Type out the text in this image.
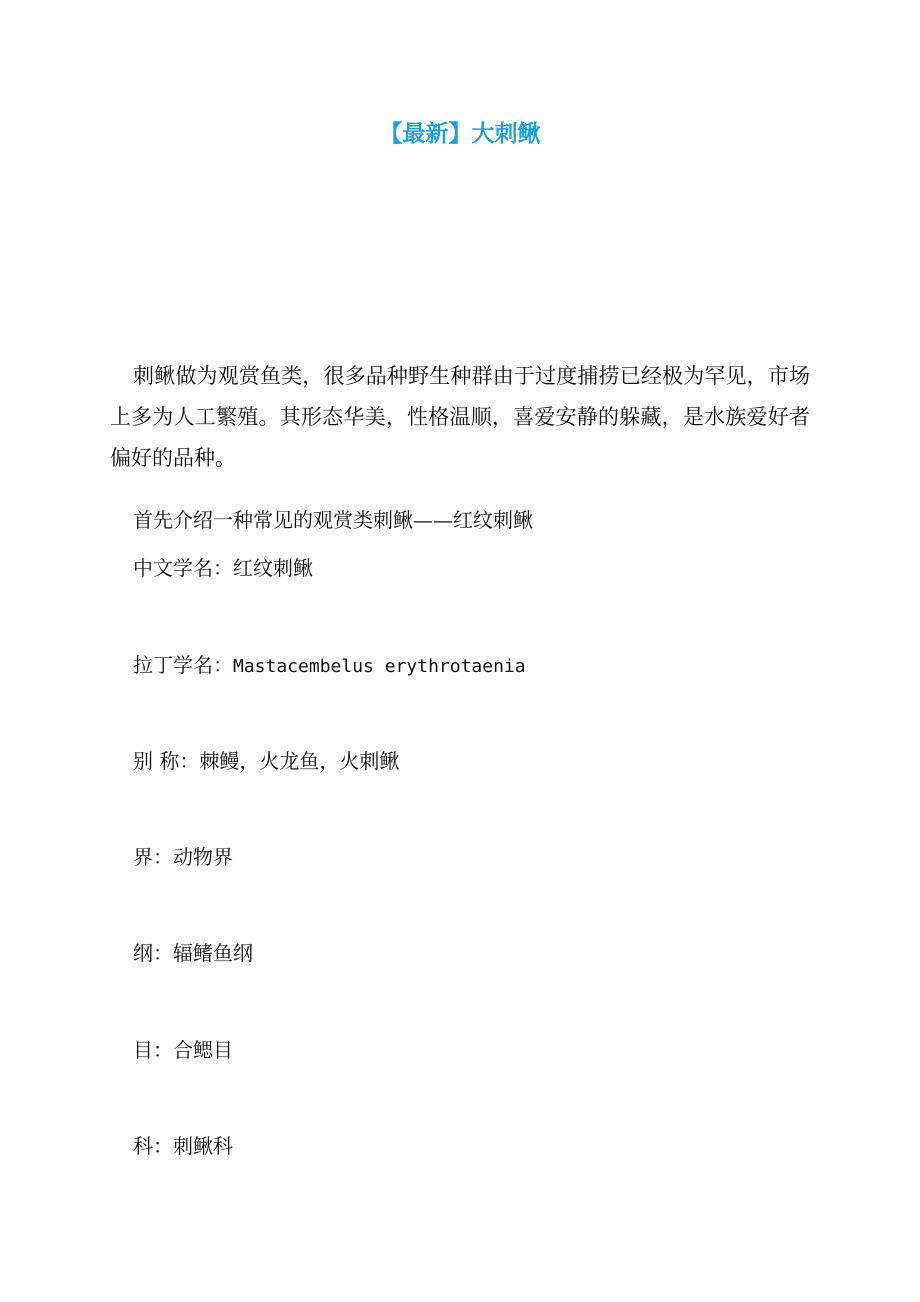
【最新】大刺鳅

刺鳅做为观赏鱼类，很多品种野生种群由于过度捕捞已经极为罕见，市场上多为人工繁殖。其形态华美，性格温顺，喜爱安静的躲藏，是水族爱好者偏好的品种。

首先介绍一种常见的观赏类刺鳅——红纹刺鳅

中文学名：红纹刺鳅

拉丁学名：Mastacembelus erythrotaenia

别 称：棘鳗，火龙鱼，火刺鳅

界：动物界

纲：辐鳍鱼纲

目：合鳃目

科：刺鳅科
